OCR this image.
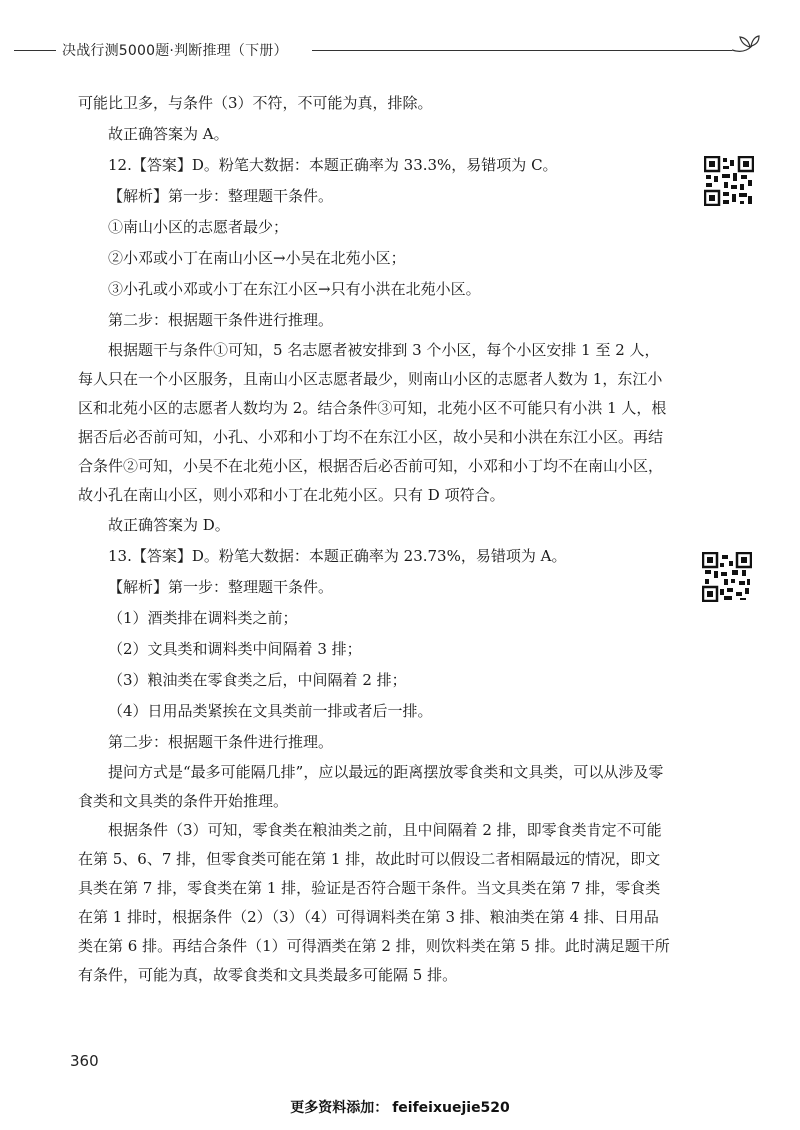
决战行测5000题·判断推理（下册）

可能比卫多，与条件（3）不符，不可能为真，排除。

故正确答案为 A。

12.【答案】D。粉笔大数据：本题正确率为 33.3%，易错项为 C。

【解析】第一步：整理题干条件。

①南山小区的志愿者最少；

②小邓或小丁在南山小区→小吴在北苑小区；

③小孔或小邓或小丁在东江小区→只有小洪在北苑小区。

第二步：根据题干条件进行推理。

根据题干与条件①可知，5 名志愿者被安排到 3 个小区，每个小区安排 1 至 2 人，每人只在一个小区服务，且南山小区志愿者最少，则南山小区的志愿者人数为 1，东江小区和北苑小区的志愿者人数均为 2。结合条件③可知，北苑小区不可能只有小洪 1 人，根据否后必否前可知，小孔、小邓和小丁均不在东江小区，故小吴和小洪在东江小区。再结合条件②可知，小吴不在北苑小区，根据否后必否前可知，小邓和小丁均不在南山小区，故小孔在南山小区，则小邓和小丁在北苑小区。只有 D 项符合。

故正确答案为 D。

13.【答案】D。粉笔大数据：本题正确率为 23.73%，易错项为 A。

【解析】第一步：整理题干条件。

（1）酒类排在调料类之前；

（2）文具类和调料类中间隔着 3 排；

（3）粮油类在零食类之后，中间隔着 2 排；

（4）日用品类紧挨在文具类前一排或者后一排。

第二步：根据题干条件进行推理。

提问方式是“最多可能隔几排”，应以最远的距离摆放零食类和文具类，可以从涉及零食类和文具类的条件开始推理。

根据条件（3）可知，零食类在粮油类之前，且中间隔着 2 排，即零食类肯定不可能在第 5、6、7 排，但零食类可能在第 1 排，故此时可以假设二者相隔最远的情况，即文具类在第 7 排，零食类在第 1 排，验证是否符合题干条件。当文具类在第 7 排，零食类在第 1 排时，根据条件（2）（3）（4）可得调料类在第 3 排、粮油类在第 4 排、日用品类在第 6 排。再结合条件（1）可得酒类在第 2 排，则饮料类在第 5 排。此时满足题干所有条件，可能为真，故零食类和文具类最多可能隔 5 排。

360
更多资料添加： feifeixuejie520
